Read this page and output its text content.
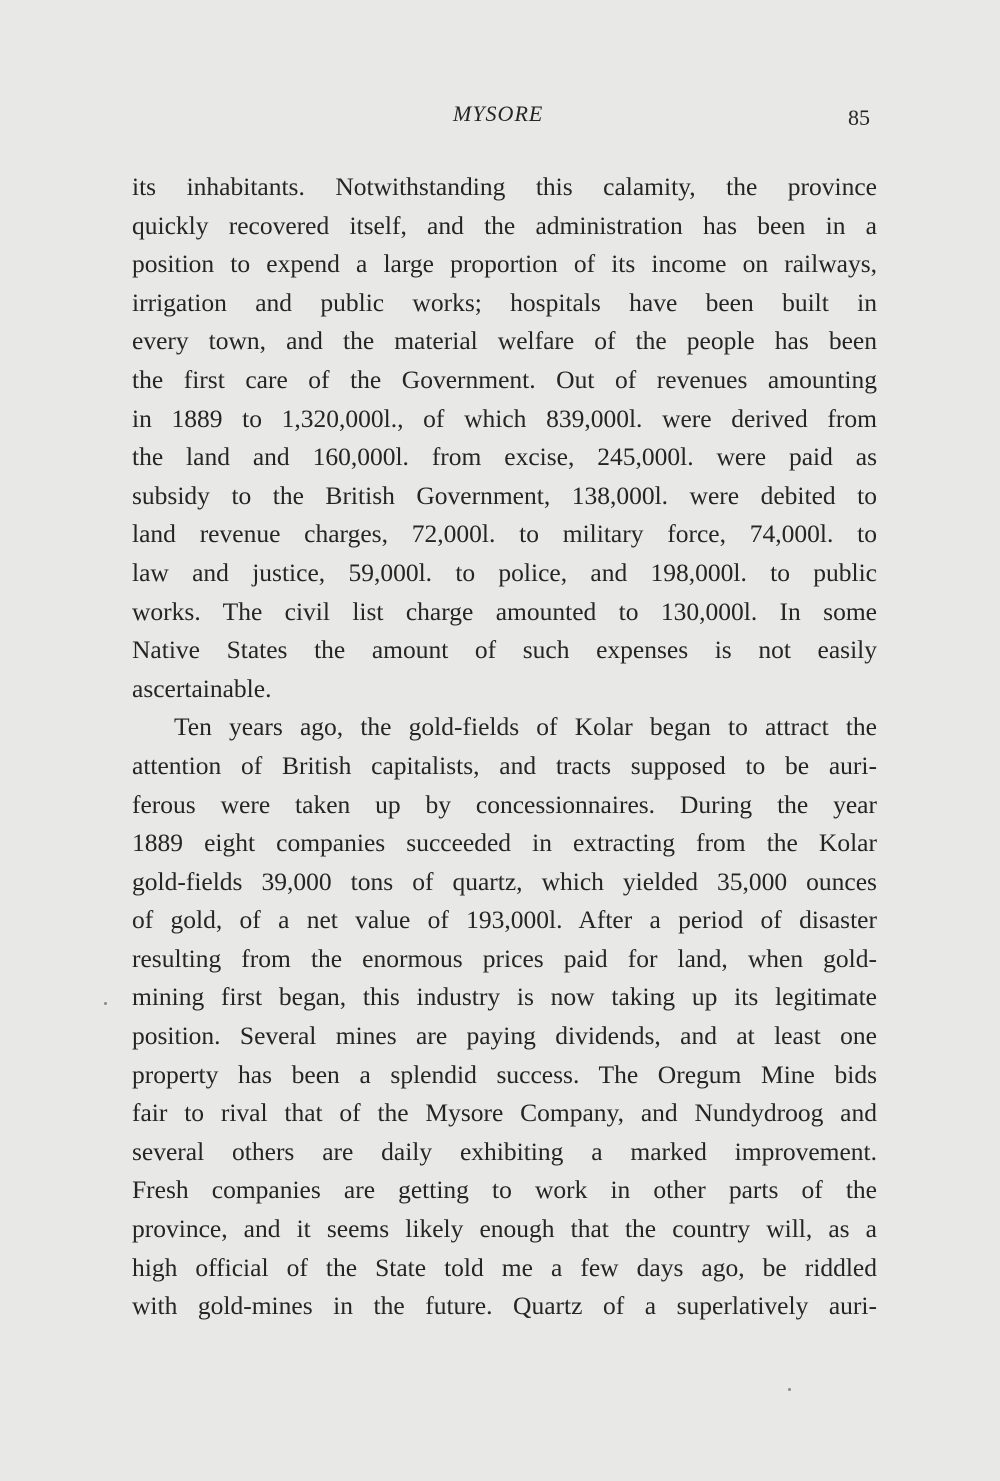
MYSORE	85

its inhabitants. Notwithstanding this calamity, the province
quickly recovered itself, and the administration has been in a
position to expend a large proportion of its income on railways,
irrigation and public works; hospitals have been built in
every town, and the material welfare of the people has been
the first care of the Government. Out of revenues amounting
in 1889 to 1,320,000l., of which 839,000l. were derived from
the land and 160,000l. from excise, 245,000l. were paid as
subsidy to the British Government, 138,000l. were debited to
land revenue charges, 72,000l. to military force, 74,000l. to
law and justice, 59,000l. to police, and 198,000l. to public
works. The civil list charge amounted to 130,000l. In some
Native States the amount of such expenses is not easily
ascertainable.

Ten years ago, the gold-fields of Kolar began to attract the
attention of British capitalists, and tracts supposed to be auri-
ferous were taken up by concessionnaires. During the year
1889 eight companies succeeded in extracting from the Kolar
gold-fields 39,000 tons of quartz, which yielded 35,000 ounces
of gold, of a net value of 193,000l. After a period of disaster
resulting from the enormous prices paid for land, when gold-
mining first began, this industry is now taking up its legitimate
position. Several mines are paying dividends, and at least one
property has been a splendid success. The Oregum Mine bids
fair to rival that of the Mysore Company, and Nundydroog and
several others are daily exhibiting a marked improvement.
Fresh companies are getting to work in other parts of the
province, and it seems likely enough that the country will, as a
high official of the State told me a few days ago, be riddled
with gold-mines in the future. Quartz of a superlatively auri-
